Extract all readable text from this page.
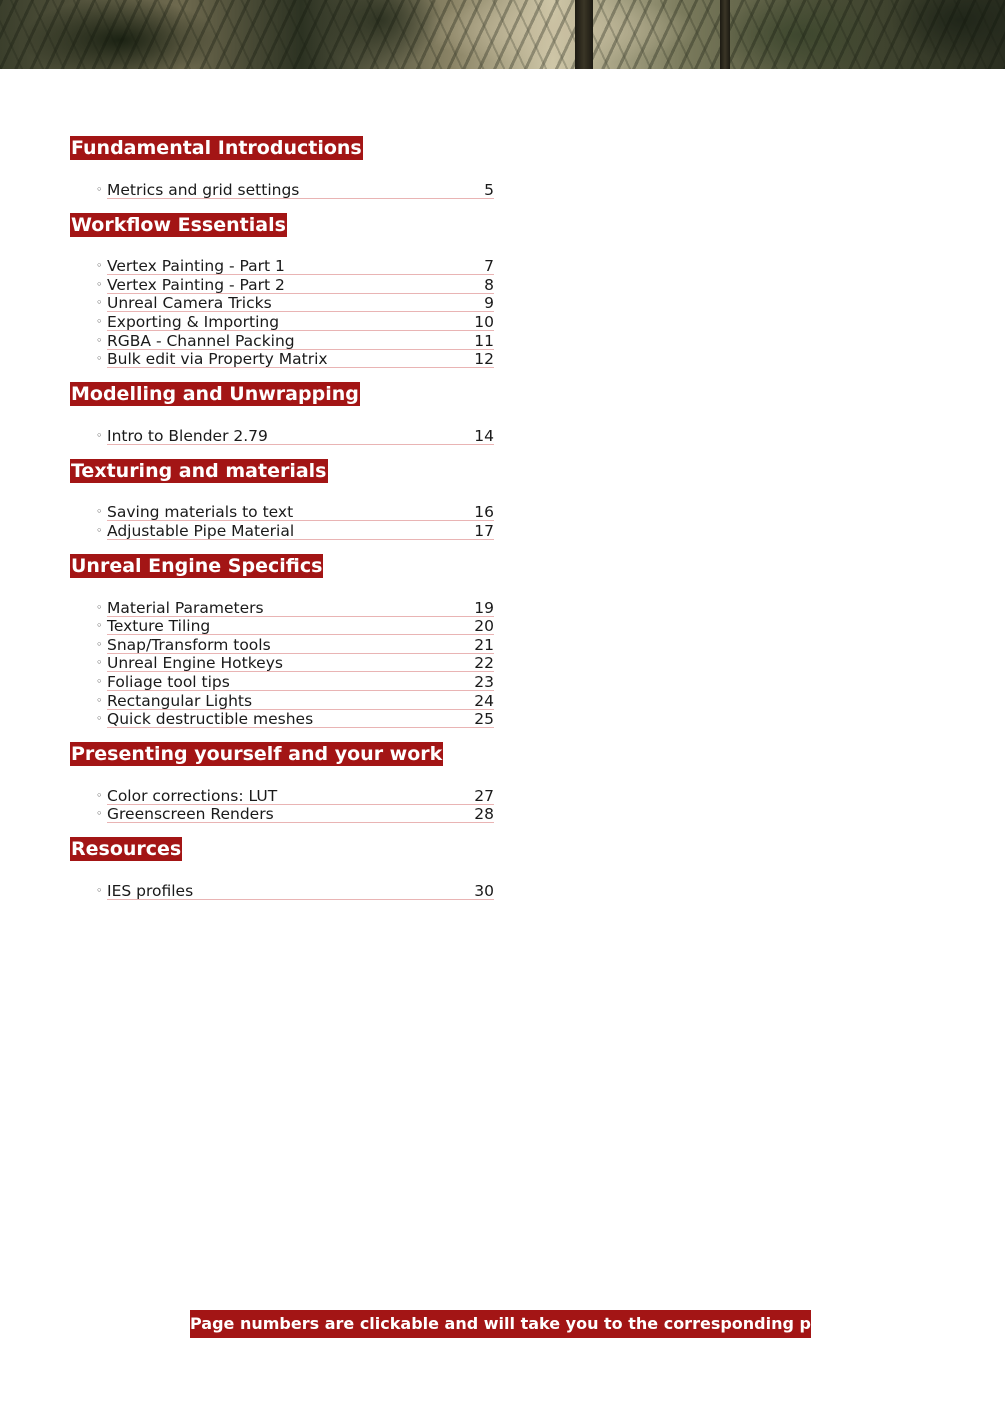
Fundamental Introductions
◦ Metrics and grid settings	5
Workflow Essentials
◦ Vertex Painting - Part 1	7
◦ Vertex Painting - Part 2	8
◦ Unreal Camera Tricks	9
◦ Exporting & Importing	10
◦ RGBA - Channel Packing	11
◦ Bulk edit via Property Matrix	12
Modelling and Unwrapping
◦ Intro to Blender 2.79	14
Texturing and materials
◦ Saving materials to text	16
◦ Adjustable Pipe Material	17
Unreal Engine Specifics
◦ Material Parameters	19
◦ Texture Tiling	20
◦ Snap/Transform tools	21
◦ Unreal Engine Hotkeys	22
◦ Foliage tool tips	23
◦ Rectangular Lights	24
◦ Quick destructible meshes	25
Presenting yourself and your work
◦ Color corrections: LUT	27
◦ Greenscreen Renders	28
Resources
◦ IES profiles	30
Page numbers are clickable and will take you to the corresponding page
